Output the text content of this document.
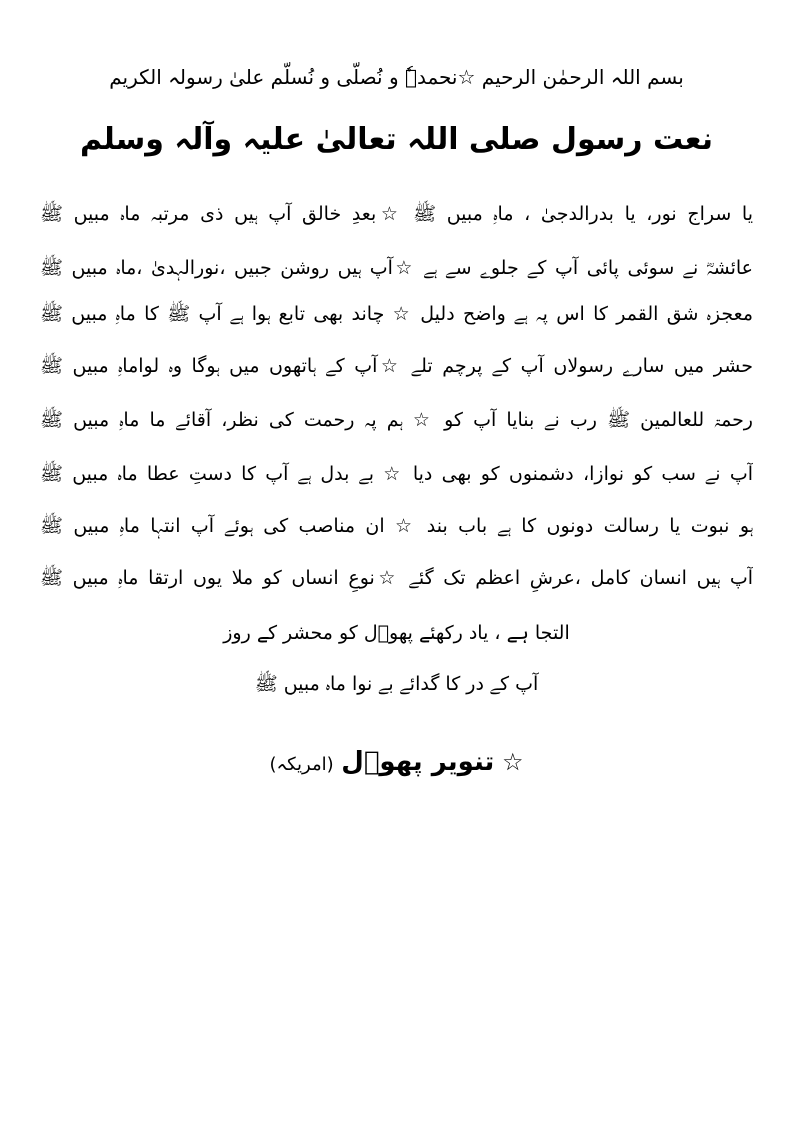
بسم اللہ الرحمٰن الرحیم ☆نحمدہٗ و نُصلّی و نُسلّم علیٰ رسولہ الکریم
نعت رسول صلی اللہ تعالیٰ علیہ وآلہ وسلم
یا سراج نور، یا بدرالدجیٰ ، ماہِ مبیں ﷺ ☆بعدِ خالق آپ ہیں ذی مرتبہ ماہ مبیں ﷺ
عائشہؓ نے سوئی پائی آپ کے جلوے سے ہے ☆آپ ہیں روشن جبیں ،نورالہدیٰ ،ماہ مبیں ﷺ
معجزہ شق القمر کا اس پہ ہے واضح دلیل ☆ چاند بھی تابع ہوا ہے آپ ﷺ کا ماہِ مبیں ﷺ
حشر میں سارے رسولاں آپ کے پرچم تلے ☆آپ کے ہاتھوں میں ہوگا وہ لواماہِ مبیں ﷺ
رحمۃ للعالمین ﷺ رب نے بنایا آپ کو ☆ ہم پہ رحمت کی نظر، آقائے ما ماہِ مبیں ﷺ
آپ نے سب کو نوازا، دشمنوں کو بھی دیا ☆ بے بدل ہے آپ کا دستِ عطا ماہ مبیں ﷺ
ہو نبوت یا رسالت دونوں کا ہے باب بند ☆ ان مناصب کی ہوئے آپ انتہا ماہِ مبیں ﷺ
آپ ہیں انسان کامل ،عرشِ اعظم تک گئے ☆نوعِ انساں کو ملا یوں ارتقا ماہِ مبیں ﷺ
التجا ہے ، یاد رکھئے پھوؔل کو محشر کے روز
آپ کے در کا گدائے بے نوا ماہ مبیں ﷺ
☆ تنویر پھوؔل (امریکہ)
